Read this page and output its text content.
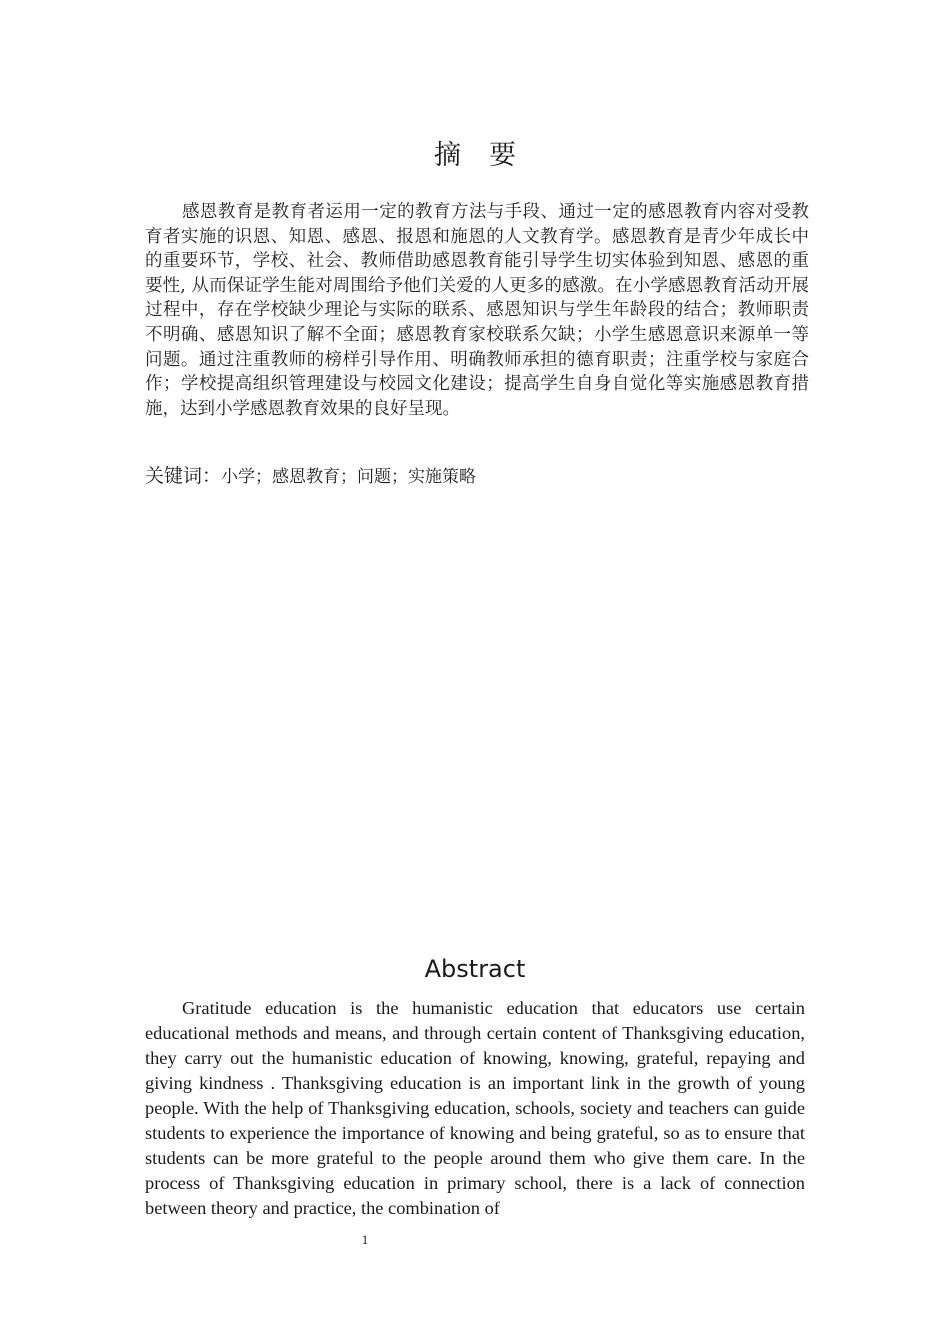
摘要

感恩教育是教育者运用一定的教育方法与手段、通过一定的感恩教育内容对受教育者实施的识恩、知恩、感恩、报恩和施恩的人文教育学。感恩教育是青少年成长中的重要环节，学校、社会、教师借助感恩教育能引导学生切实体验到知恩、感恩的重要性, 从而保证学生能对周围给予他们关爱的人更多的感激。在小学感恩教育活动开展过程中，存在学校缺少理论与实际的联系、感恩知识与学生年龄段的结合；教师职责不明确、感恩知识了解不全面；感恩教育家校联系欠缺；小学生感恩意识来源单一等问题。通过注重教师的榜样引导作用、明确教师承担的德育职责；注重学校与家庭合作；学校提高组织管理建设与校园文化建设；提高学生自身自觉化等实施感恩教育措施，达到小学感恩教育效果的良好呈现。

关键词：小学；感恩教育；问题；实施策略

Abstract

Gratitude education is the humanistic education that educators use certain educational methods and means, and through certain content of Thanksgiving education, they carry out the humanistic education of knowing, knowing, grateful, repaying and giving kindness . Thanksgiving education is an important link in the growth of young people. With the help of Thanksgiving education, schools, society and teachers can guide students to experience the importance of knowing and being grateful, so as to ensure that students can be more grateful to the people around them who give them care. In the process of Thanksgiving education in primary school, there is a lack of connection between theory and practice, the combination of

1
